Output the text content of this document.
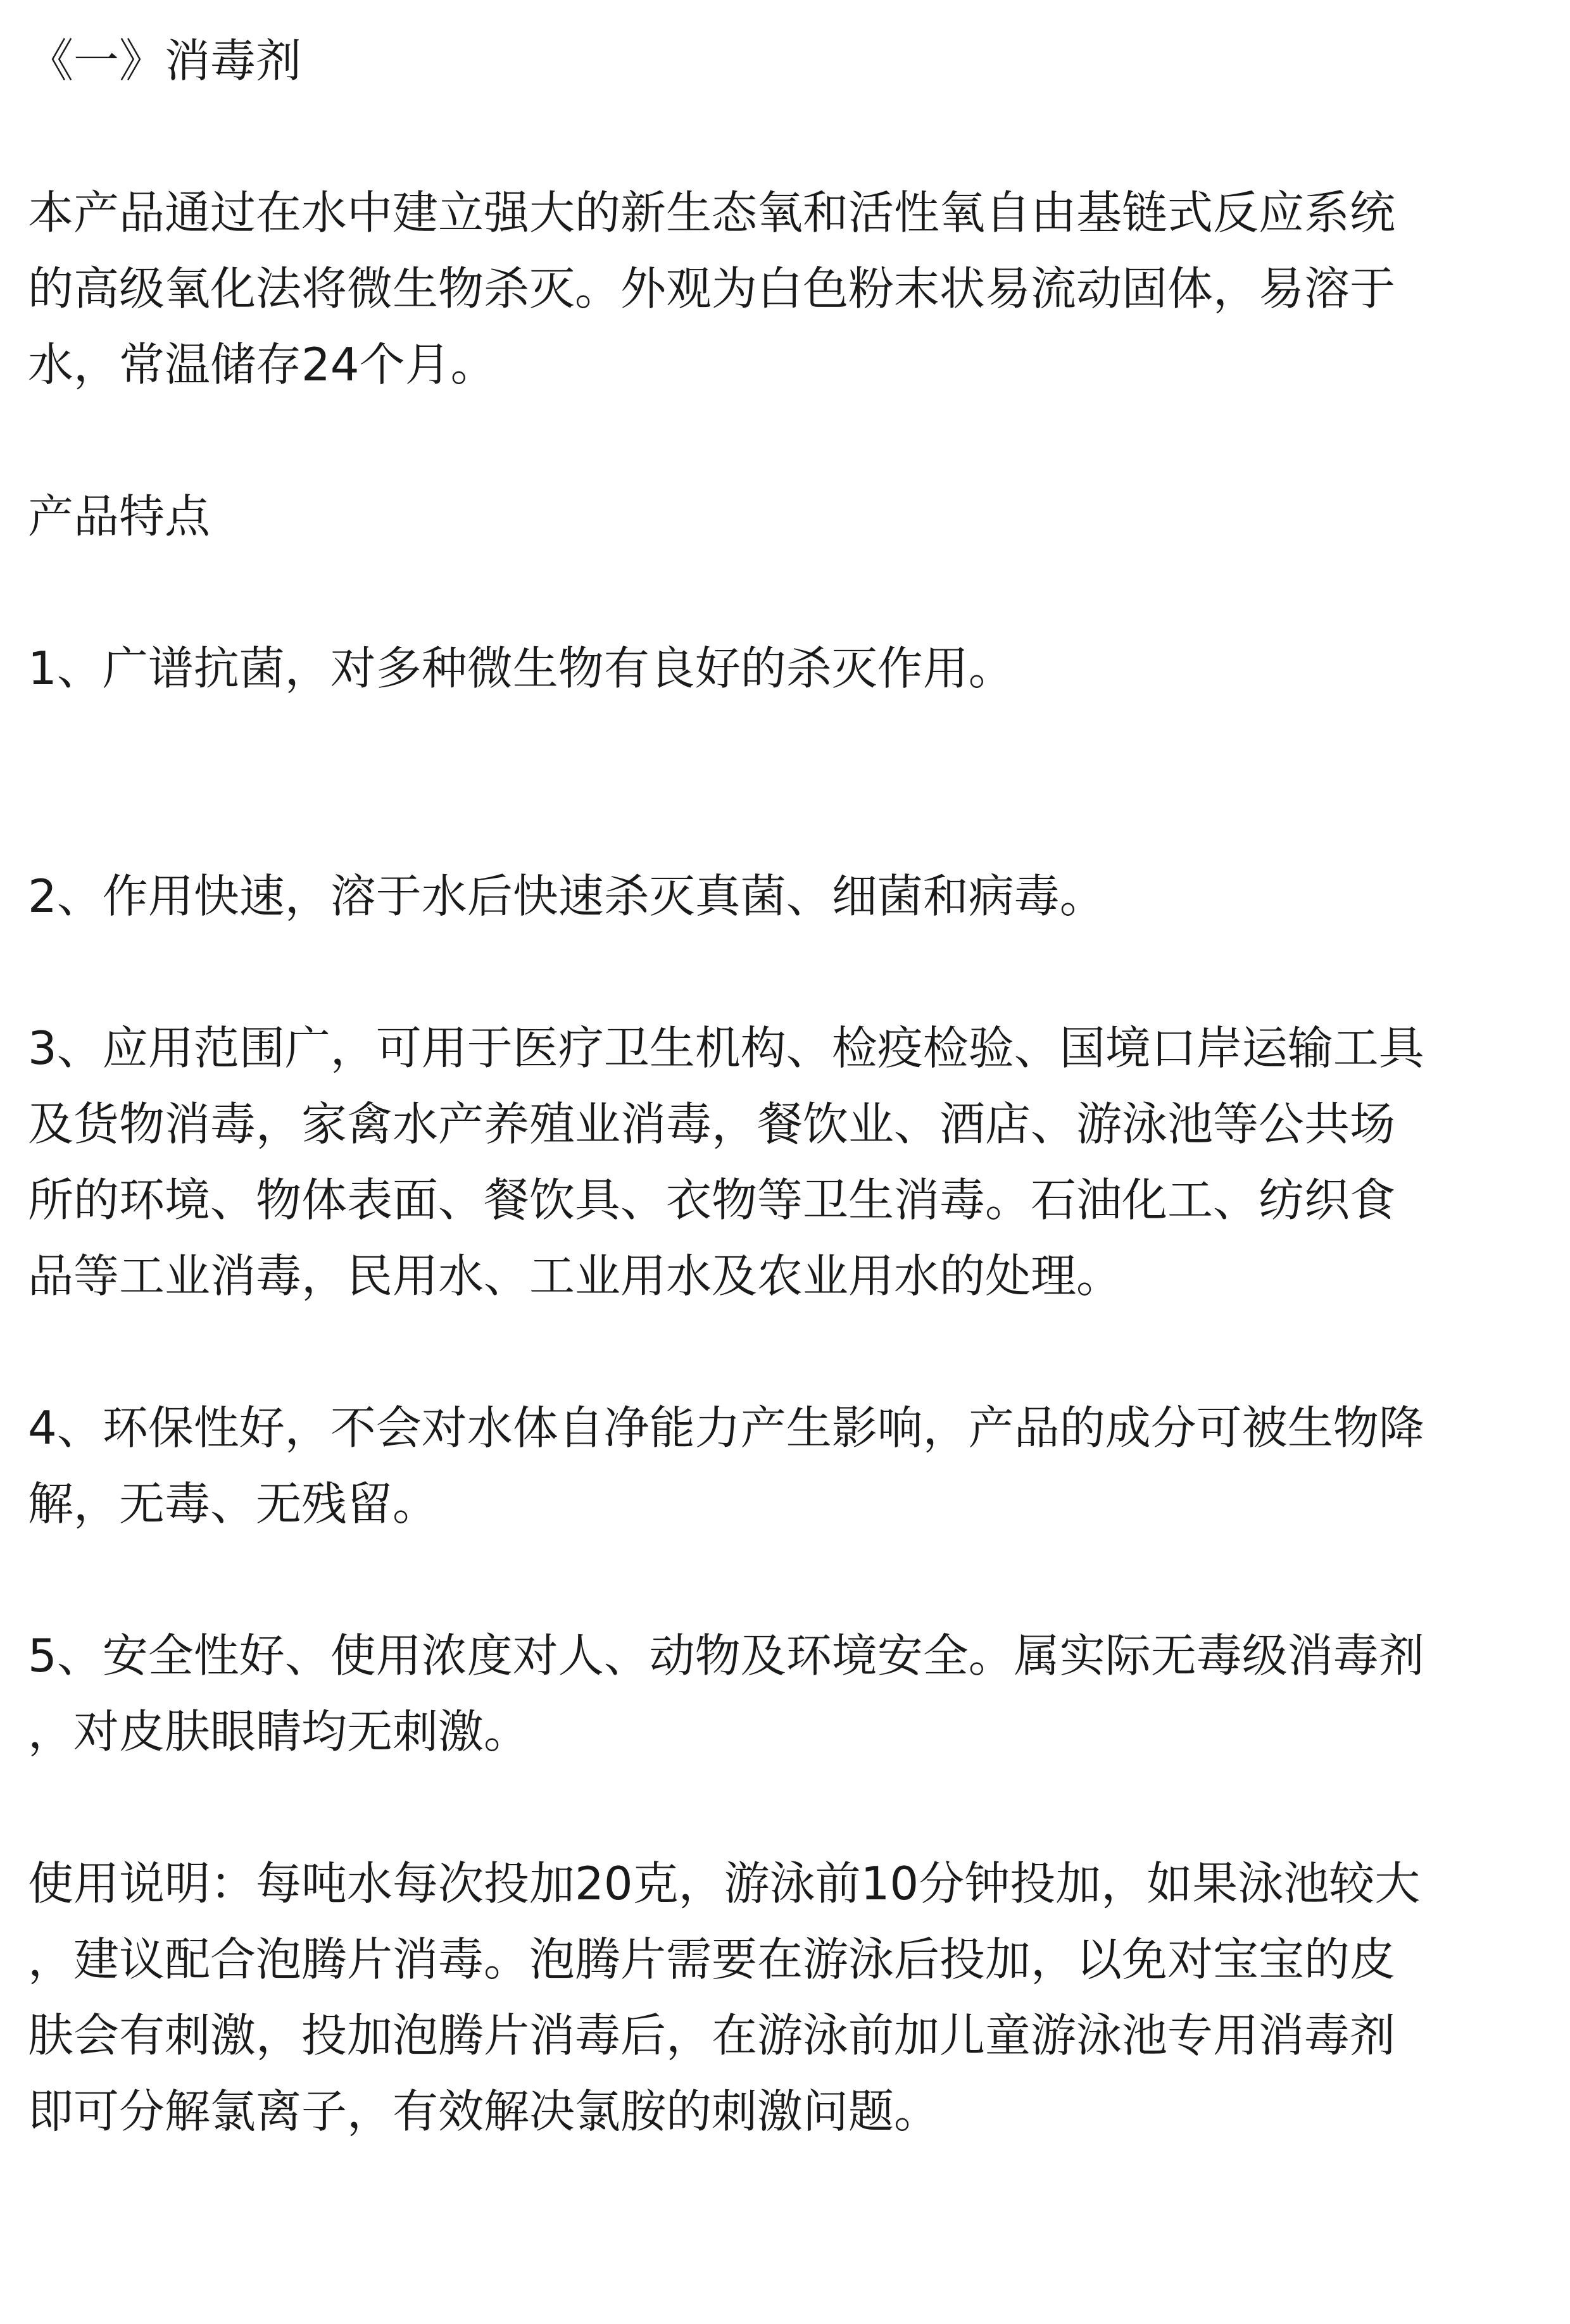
《一》消毒剂
本产品通过在水中建立强大的新生态氧和活性氧自由基链式反应系统
的高级氧化法将微生物杀灭。外观为白色粉末状易流动固体，易溶于
水，常温储存24个月。
产品特点
1、广谱抗菌，对多种微生物有良好的杀灭作用。
2、作用快速，溶于水后快速杀灭真菌、细菌和病毒。
3、应用范围广，可用于医疗卫生机构、检疫检验、国境口岸运输工具
及货物消毒，家禽水产养殖业消毒，餐饮业、酒店、游泳池等公共场
所的环境、物体表面、餐饮具、衣物等卫生消毒。石油化工、纺织食
品等工业消毒，民用水、工业用水及农业用水的处理。
4、环保性好，不会对水体自净能力产生影响，产品的成分可被生物降
解，无毒、无残留。
5、安全性好、使用浓度对人、动物及环境安全。属实际无毒级消毒剂
，对皮肤眼睛均无刺激。
使用说明：每吨水每次投加20克，游泳前10分钟投加，如果泳池较大
，建议配合泡腾片消毒。泡腾片需要在游泳后投加，以免对宝宝的皮
肤会有刺激，投加泡腾片消毒后，在游泳前加儿童游泳池专用消毒剂
即可分解氯离子，有效解决氯胺的刺激问题。
